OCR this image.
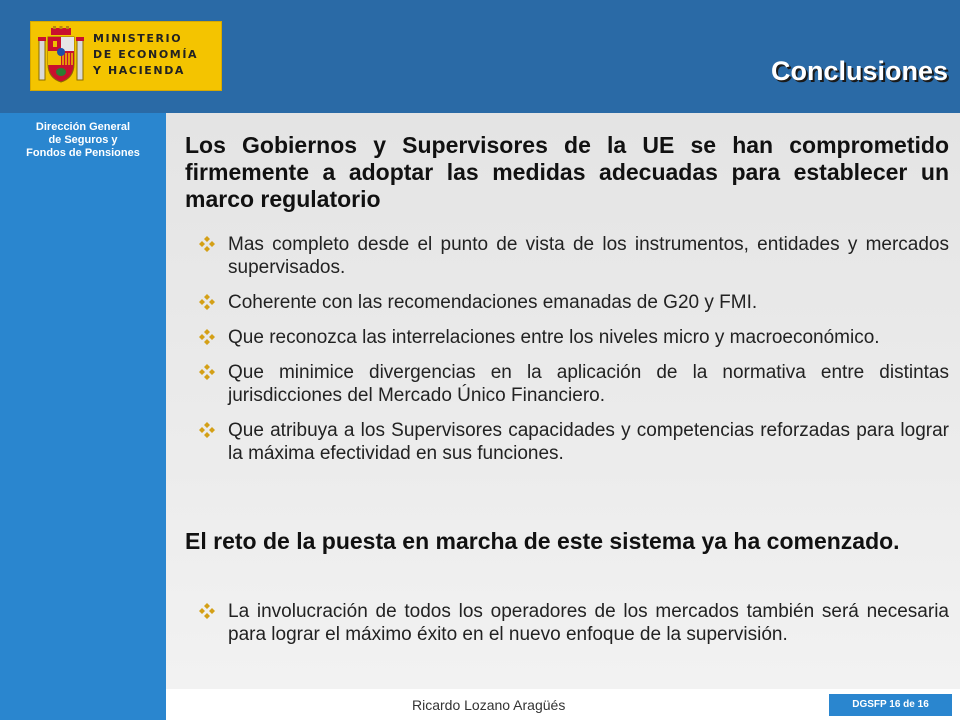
MINISTERIO
DE ECONOMÍA
Y HACIENDA	Conclusiones
Dirección General
de Seguros y
Fondos de Pensiones	Los Gobiernos y Supervisores de la UE se han comprometido firmemente a adoptar las medidas adecuadas para establecer un marco regulatorio
Mas completo desde el punto de vista de los instrumentos, entidades y mercados supervisados.
Coherente con las recomendaciones emanadas de G20 y FMI.
Que reconozca las interrelaciones entre los niveles micro y macroeconómico.
Que minimice divergencias en la aplicación de la normativa entre distintas jurisdicciones del Mercado Único Financiero.
Que atribuya a los Supervisores capacidades y competencias reforzadas para lograr la máxima efectividad en sus funciones.
El reto de la puesta en marcha de este sistema ya ha comenzado.
La involucración de todos los operadores de los mercados también será necesaria para lograr el máximo éxito en el nuevo enfoque de la supervisión.
Ricardo Lozano Aragüés	DGSFP 16 de 16
